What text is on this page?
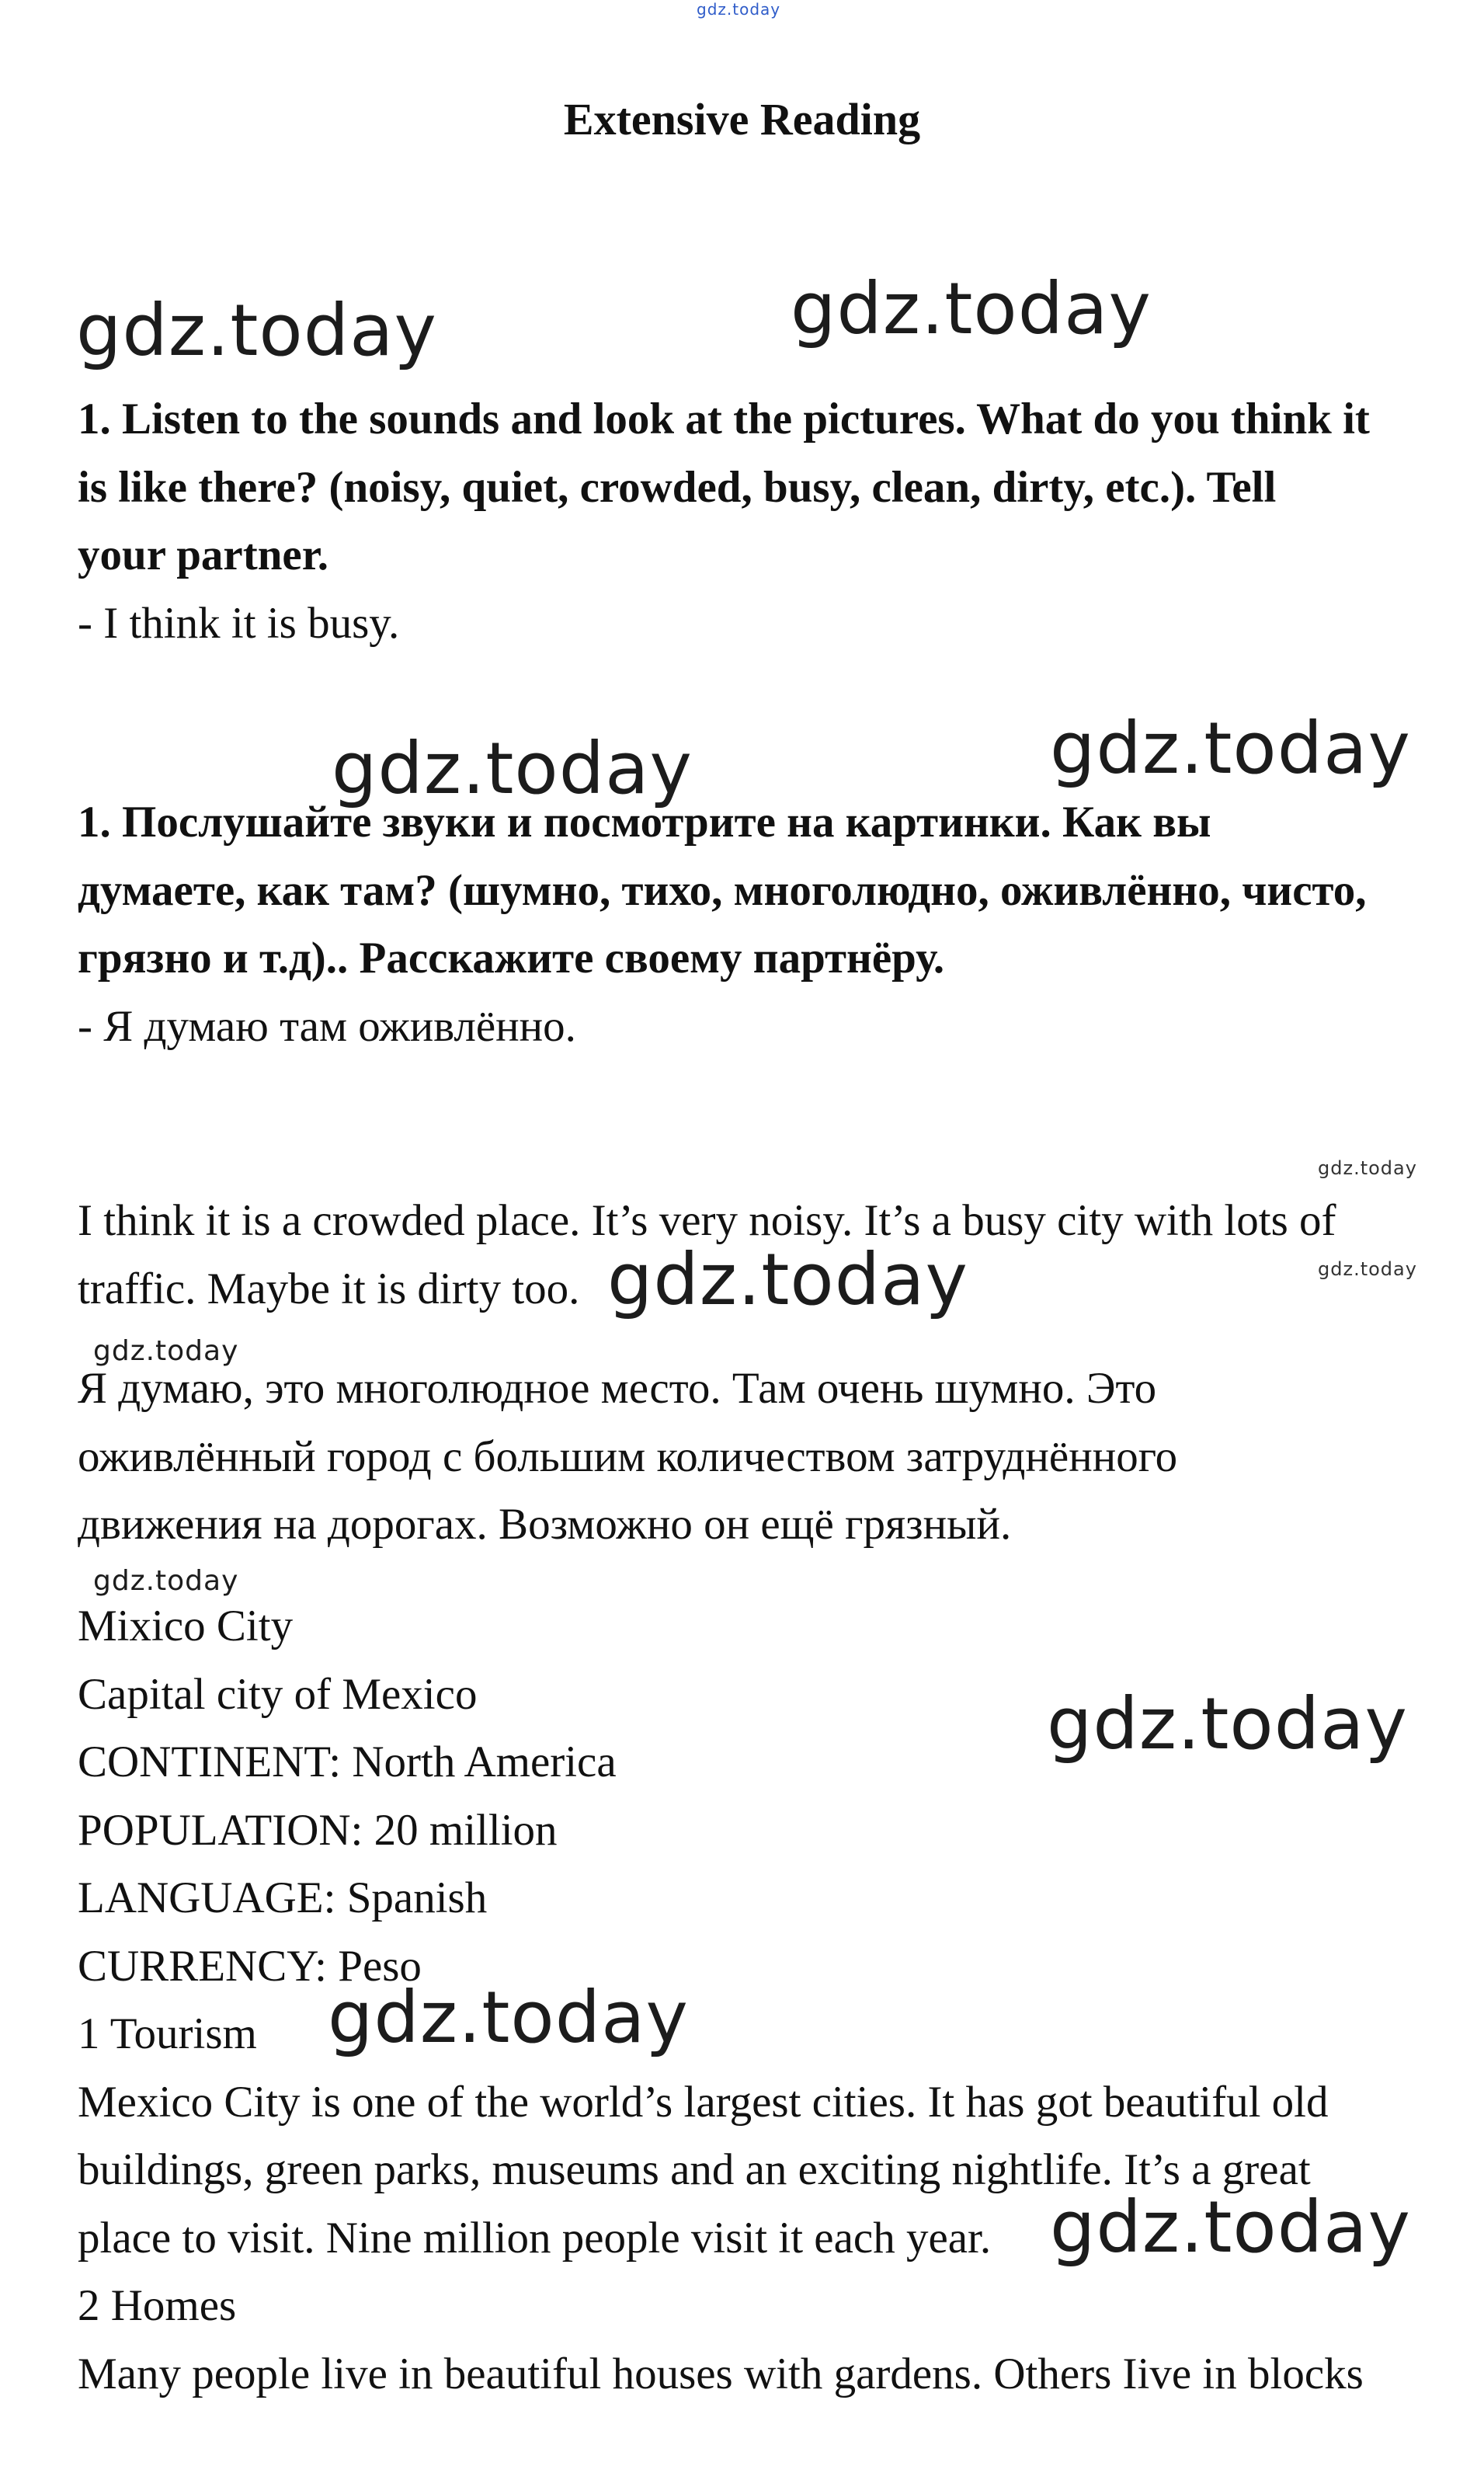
gdz.today
Extensive Reading
gdz.today	gdz.today
1. Listen to the sounds and look at the pictures. What do you think it
is like there? (noisy, quiet, crowded, busy, clean, dirty, etc.). Tell
your partner.
- I think it is busy.
gdz.today	gdz.today
1. Послушайте звуки и посмотрите на картинки. Как вы
думаете, как там? (шумно, тихо, многолюдно, оживлённо, чисто,
грязно и т.д).. Расскажите своему партнёру.
- Я думаю там оживлённо.
gdz.today
gdz.today
I think it is a crowded place. It’s very noisy. It’s a busy city with lots of
traffic. Maybe it is dirty too. gdz.today
gdz.today
Я думаю, это многолюдное место. Там очень шумно. Это
оживлённый город с большим количеством затруднённого
движения на дорогах. Возможно он ещё грязный.
gdz.today
Mixico City
Capital city of Mexico
CONTINENT: North America
POPULATION: 20 million
LANGUAGE: Spanish
CURRENCY: Peso
1 Tourism
Mexico City is one of the world’s largest cities. It has got beautiful old
buildings, green parks, museums and an exciting nightlife. It’s a great
place to visit. Nine million people visit it each year.
2 Homes
Many people live in beautiful houses with gardens. Others Iive in blocks
gdz.today
gdz.today
gdz.today
